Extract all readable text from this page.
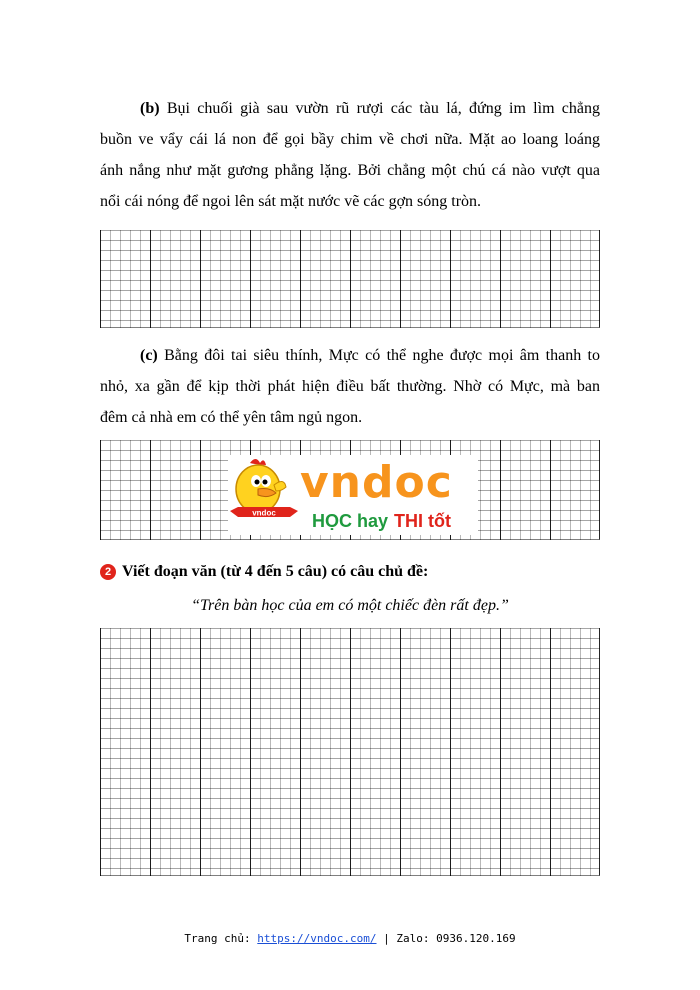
(b) Bụi chuối già sau vườn rũ rượi các tàu lá, đứng im lìm chẳng
buồn ve vẩy cái lá non để gọi bầy chim về chơi nữa. Mặt ao loang loáng
ánh nắng như mặt gương phẳng lặng. Bởi chẳng một chú cá nào vượt qua
nổi cái nóng để ngoi lên sát mặt nước vẽ các gợn sóng tròn.
(c) Bằng đôi tai siêu thính, Mực có thể nghe được mọi âm thanh to
nhỏ, xa gần để kịp thời phát hiện điều bất thường. Nhờ có Mực, mà ban
đêm cả nhà em có thể yên tâm ngủ ngon.
vndoc
vndoc
HỌC hay THI tốt
2 Viết đoạn văn (từ 4 đến 5 câu) có câu chủ đề:
“Trên bàn học của em có một chiếc đèn rất đẹp.”
Trang chủ: https://vndoc.com/ | Zalo: 0936.120.169
